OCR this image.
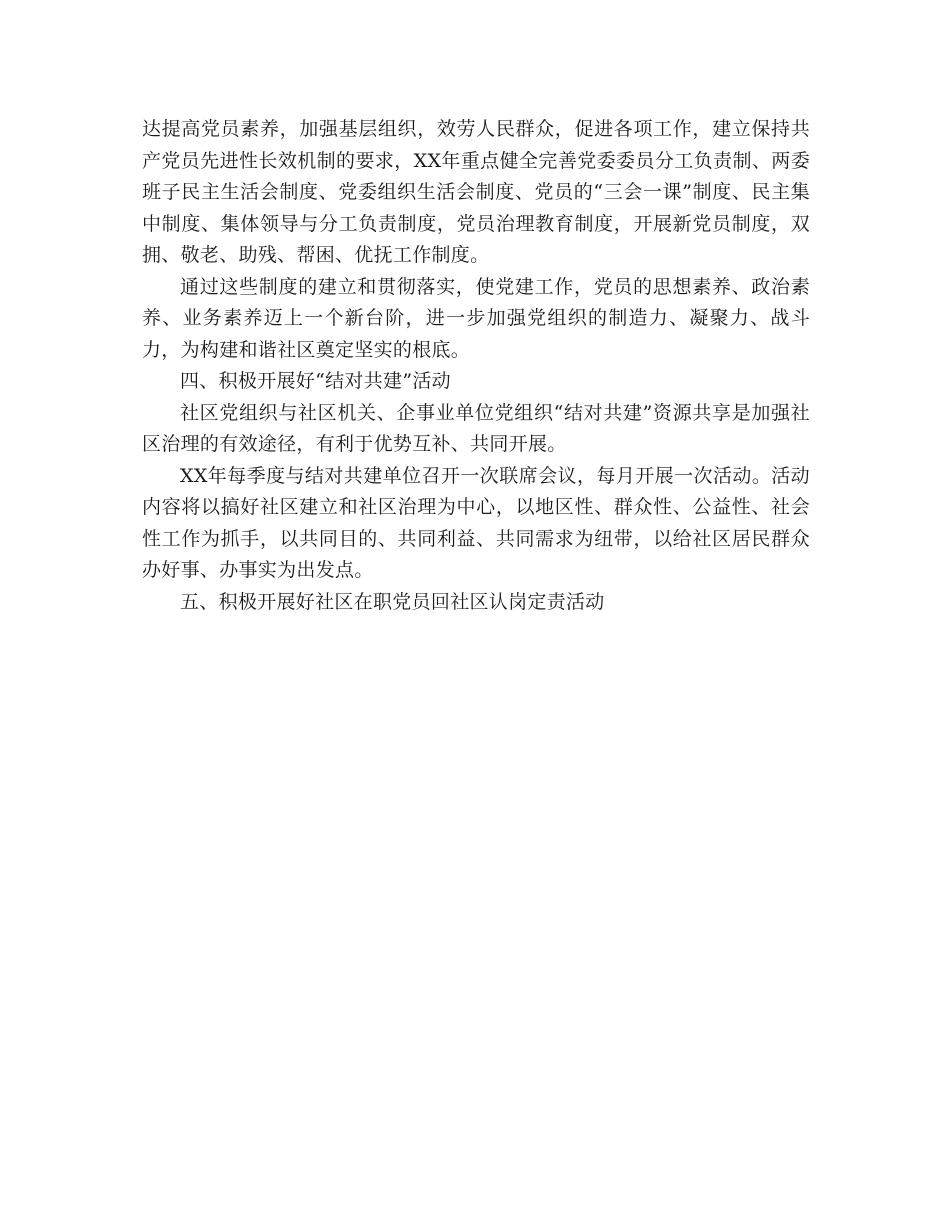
达提高党员素养，加强基层组织，效劳人民群众，促进各项工作，建立保持共产党员先进性长效机制的要求，XX年重点健全完善党委委员分工负责制、两委班子民主生活会制度、党委组织生活会制度、党员的“三会一课”制度、民主集中制度、集体领导与分工负责制度，党员治理教育制度，开展新党员制度，双拥、敬老、助残、帮困、优抚工作制度。

通过这些制度的建立和贯彻落实，使党建工作，党员的思想素养、政治素养、业务素养迈上一个新台阶，进一步加强党组织的制造力、凝聚力、战斗力，为构建和谐社区奠定坚实的根底。

四、积极开展好“结对共建”活动

社区党组织与社区机关、企事业单位党组织“结对共建”资源共享是加强社区治理的有效途径，有利于优势互补、共同开展。

XX年每季度与结对共建单位召开一次联席会议，每月开展一次活动。活动内容将以搞好社区建立和社区治理为中心，以地区性、群众性、公益性、社会性工作为抓手，以共同目的、共同利益、共同需求为纽带，以给社区居民群众办好事、办事实为出发点。

五、积极开展好社区在职党员回社区认岗定责活动
